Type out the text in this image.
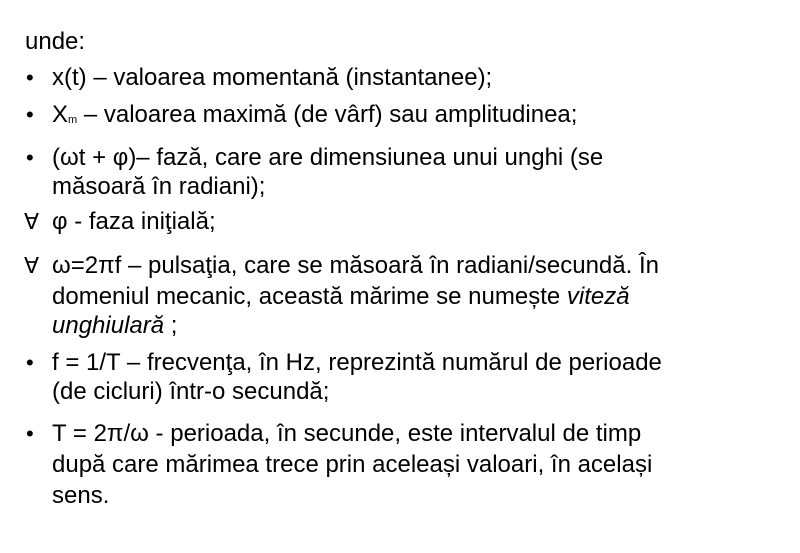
unde:
• x(t) – valoarea momentană (instantanee);
• Xm – valoarea maximă (de vârf) sau amplitudinea;
• (ωt + φ)– fază, care are dimensiunea unui unghi (se
măsoară în radiani);
∀ φ - faza iniţială;
∀ ω=2πf – pulsaţia, care se măsoară în radiani/secundă. În
domeniul mecanic, această mărime se numește viteză
unghiulară ;
• f = 1/T – frecvenţa, în Hz, reprezintă numărul de perioade
(de cicluri) într-o secundă;
• T = 2π/ω - perioada, în secunde, este intervalul de timp
după care mărimea trece prin aceleași valoari, în același
sens.
